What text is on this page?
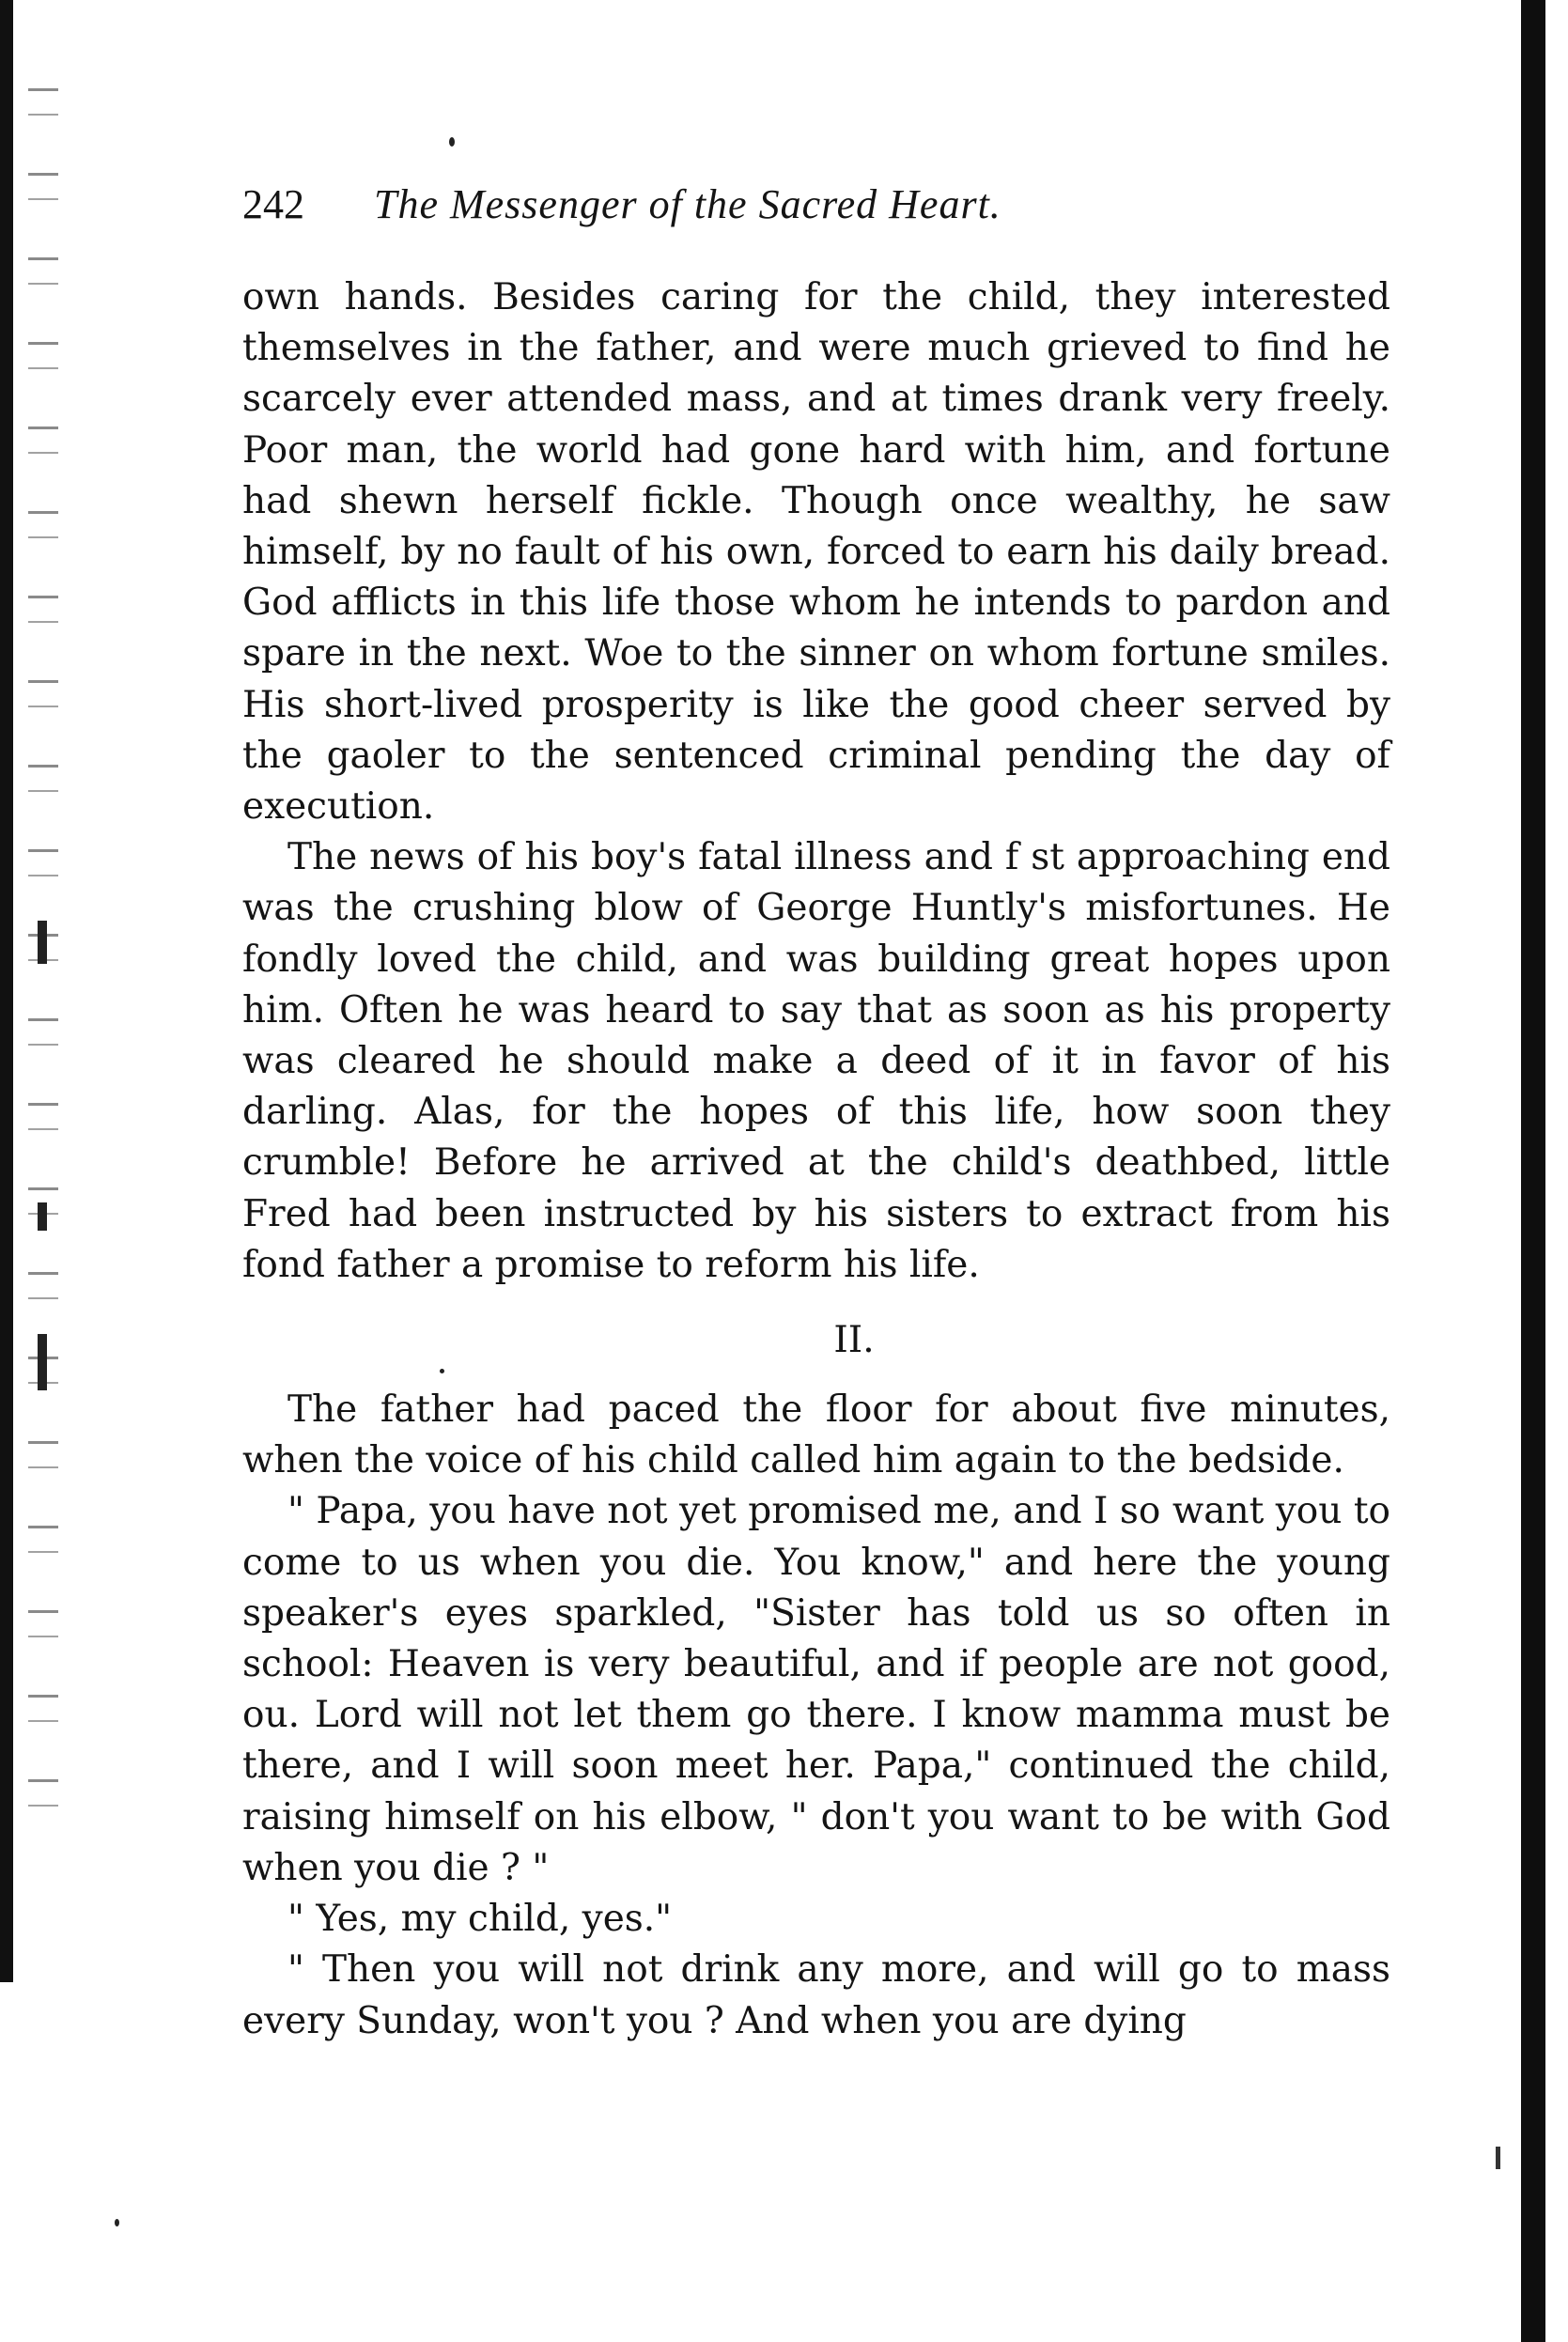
242 The Messenger of the Sacred Heart.

own hands. Besides caring for the child, they interested themselves in the father, and were much grieved to find he scarcely ever attended mass, and at times drank very freely. Poor man, the world had gone hard with him, and fortune had shewn herself fickle. Though once wealthy, he saw himself, by no fault of his own, forced to earn his daily bread. God afflicts in this life those whom he intends to pardon and spare in the next. Woe to the sinner on whom fortune smiles. His short-lived prosperity is like the good cheer served by the gaoler to the sentenced criminal pending the day of execution.

The news of his boy's fatal illness and f st approaching end was the crushing blow of George Huntly's misfortunes. He fondly loved the child, and was building great hopes upon him. Often he was heard to say that as soon as his property was cleared he should make a deed of it in favor of his darling. Alas, for the hopes of this life, how soon they crumble! Before he arrived at the child's deathbed, little Fred had been instructed by his sisters to extract from his fond father a promise to reform his life.

II.

The father had paced the floor for about five minutes, when the voice of his child called him again to the bedside.

" Papa, you have not yet promised me, and I so want you to come to us when you die. You know," and here the young speaker's eyes sparkled, "Sister has told us so often in school: Heaven is very beautiful, and if people are not good, ou. Lord will not let them go there. I know mamma must be there, and I will soon meet her. Papa," continued the child, raising himself on his elbow, " don't you want to be with God when you die ? "

" Yes, my child, yes."

" Then you will not drink any more, and will go to mass every Sunday, won't you ? And when you are dying
